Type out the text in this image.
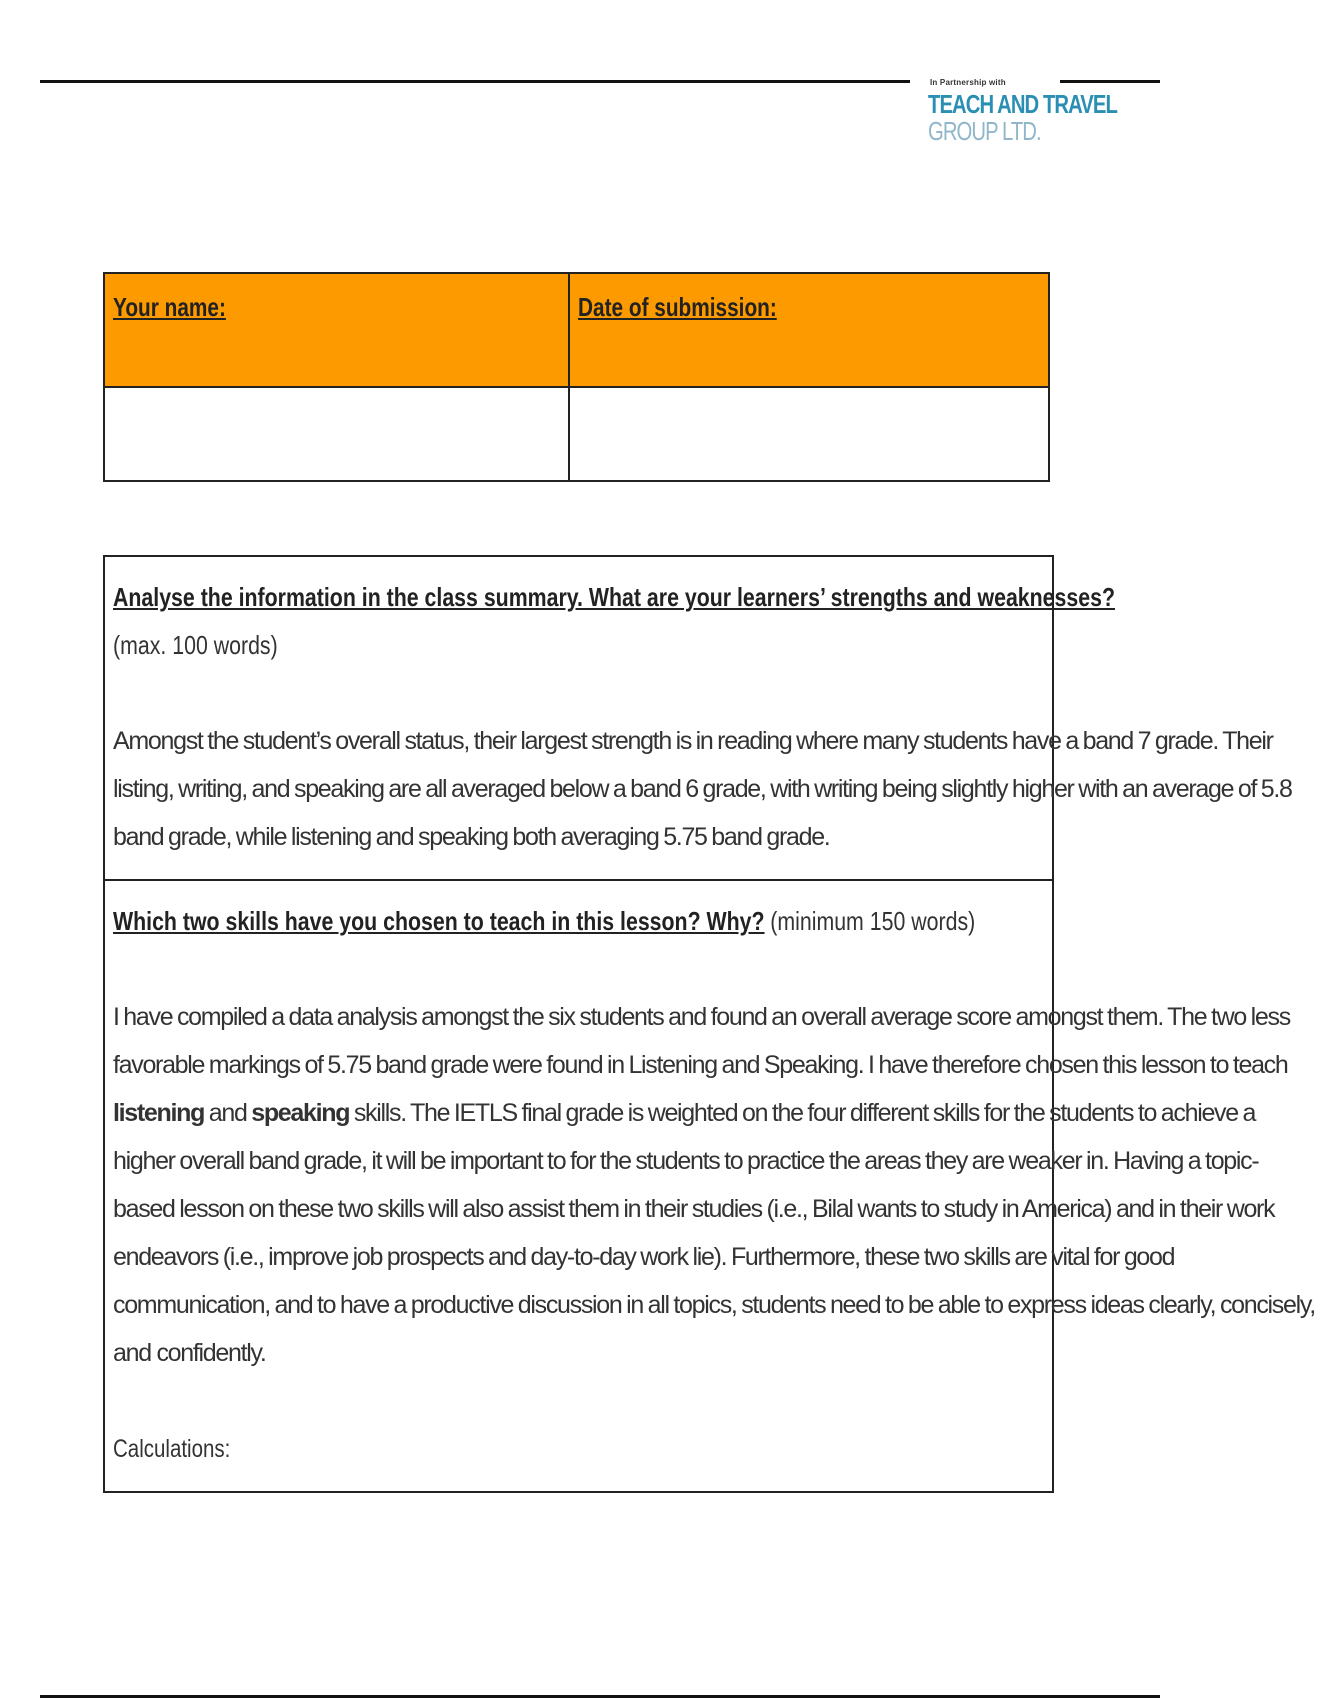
In Partnership with
TEACH AND TRAVEL
GROUP LTD.
Your name:	Date of submission:

Analyse the information in the class summary. What are your learners’ strengths and weaknesses?
(max. 100 words)
Amongst the student’s overall status, their largest strength is in reading where many students have a band 7 grade. Their
listing, writing, and speaking are all averaged below a band 6 grade, with writing being slightly higher with an average of 5.8
band grade, while listening and speaking both averaging 5.75 band grade.
Which two skills have you chosen to teach in this lesson? Why? (minimum 150 words)
I have compiled a data analysis amongst the six students and found an overall average score amongst them. The two less
favorable markings of 5.75 band grade were found in Listening and Speaking. I have therefore chosen this lesson to teach
listening and speaking skills. The IETLS final grade is weighted on the four different skills for the students to achieve a
higher overall band grade, it will be important to for the students to practice the areas they are weaker in. Having a topic-
based lesson on these two skills will also assist them in their studies (i.e., Bilal wants to study in America) and in their work
endeavors (i.e., improve job prospects and day-to-day work lie). Furthermore, these two skills are vital for good
communication, and to have a productive discussion in all topics, students need to be able to express ideas clearly, concisely,
and confidently.
Calculations:
